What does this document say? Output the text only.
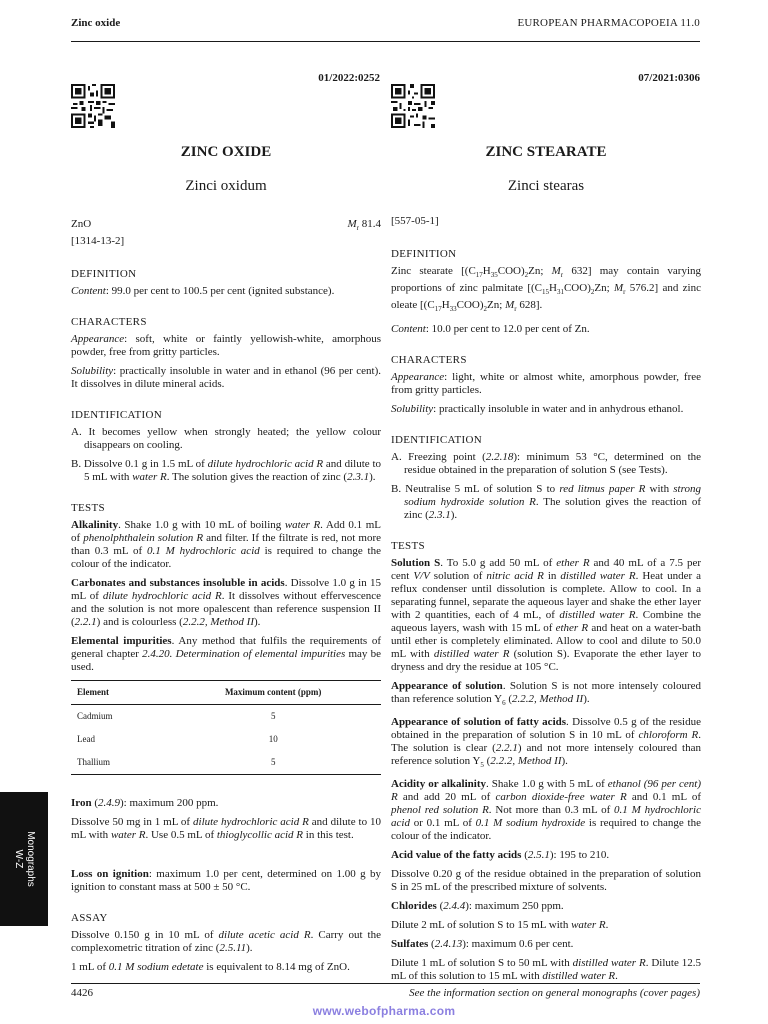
Zinc oxide	EUROPEAN PHARMACOPOEIA 11.0
01/2022:0252
ZINC OXIDE
Zinci oxidum
ZnO	$M_r$ 81.4
[1314-13-2]
DEFINITION

Content: 99.0 per cent to 100.5 per cent (ignited substance).

CHARACTERS

Appearance: soft, white or faintly yellowish-white, amorphous powder, free from gritty particles.

Solubility: practically insoluble in water and in ethanol (96 per cent). It dissolves in dilute mineral acids.

IDENTIFICATION
A. It becomes yellow when strongly heated; the yellow colour disappears on cooling.
B. Dissolve 0.1 g in 1.5 mL of dilute hydrochloric acid R and dilute to 5 mL with water R. The solution gives the reaction of zinc (2.3.1).
TESTS

Alkalinity. Shake 1.0 g with 10 mL of boiling water R. Add 0.1 mL of phenolphthalein solution R and filter. If the filtrate is red, not more than 0.3 mL of 0.1 M hydrochloric acid is required to change the colour of the indicator.

Carbonates and substances insoluble in acids. Dissolve 1.0 g in 15 mL of dilute hydrochloric acid R. It dissolves without effervescence and the solution is not more opalescent than reference suspension II (2.2.1) and is colourless (2.2.2, Method II).

Elemental impurities. Any method that fulfils the requirements of general chapter 2.4.20. Determination of elemental impurities may be used.

Element	Maximum content (ppm)
Cadmium	5
Lead	10
Thallium	5

Iron (2.4.9): maximum 200 ppm.

Dissolve 50 mg in 1 mL of dilute hydrochloric acid R and dilute to 10 mL with water R. Use 0.5 mL of thioglycollic acid R in this test.

Loss on ignition: maximum 1.0 per cent, determined on 1.00 g by ignition to constant mass at 500 ± 50 °C.

ASSAY

Dissolve 0.150 g in 10 mL of dilute acetic acid R. Carry out the complexometric titration of zinc (2.5.11).

1 mL of 0.1 M sodium edetate is equivalent to 8.14 mg of ZnO.

07/2021:0306
ZINC STEARATE
Zinci stearas
[557-05-1]
DEFINITION

Zinc stearate [$(C_{17}H_{35}COO)_2Zn$; $M_r$ 632] may contain varying proportions of zinc palmitate [$(C_{15}H_{31}COO)_2Zn$; $M_r$ 576.2] and zinc oleate [$(C_{17}H_{33}COO)_2Zn$; $M_r$ 628].

Content: 10.0 per cent to 12.0 per cent of Zn.

CHARACTERS

Appearance: light, white or almost white, amorphous powder, free from gritty particles.

Solubility: practically insoluble in water and in anhydrous ethanol.

IDENTIFICATION
A. Freezing point (2.2.18): minimum 53 °C, determined on the residue obtained in the preparation of solution S (see Tests).
B. Neutralise 5 mL of solution S to red litmus paper R with strong sodium hydroxide solution R. The solution gives the reaction of zinc (2.3.1).
TESTS

Solution S. To 5.0 g add 50 mL of ether R and 40 mL of a 7.5 per cent V/V solution of nitric acid R in distilled water R. Heat under a reflux condenser until dissolution is complete. Allow to cool. In a separating funnel, separate the aqueous layer and shake the ether layer with 2 quantities, each of 4 mL, of distilled water R. Combine the aqueous layers, wash with 15 mL of ether R and heat on a water-bath until ether is completely eliminated. Allow to cool and dilute to 50.0 mL with distilled water R (solution S). Evaporate the ether layer to dryness and dry the residue at 105 °C.

Appearance of solution. Solution S is not more intensely coloured than reference solution $Y_6$ (2.2.2, Method II).

Appearance of solution of fatty acids. Dissolve 0.5 g of the residue obtained in the preparation of solution S in 10 mL of chloroform R. The solution is clear (2.2.1) and not more intensely coloured than reference solution $Y_5$ (2.2.2, Method II).

Acidity or alkalinity. Shake 1.0 g with 5 mL of ethanol (96 per cent) R and add 20 mL of carbon dioxide-free water R and 0.1 mL of phenol red solution R. Not more than 0.3 mL of 0.1 M hydrochloric acid or 0.1 mL of 0.1 M sodium hydroxide is required to change the colour of the indicator.

Acid value of the fatty acids (2.5.1): 195 to 210.

Dissolve 0.20 g of the residue obtained in the preparation of solution S in 25 mL of the prescribed mixture of solvents.

Chlorides (2.4.4): maximum 250 ppm.

Dilute 2 mL of solution S to 15 mL with water R.

Sulfates (2.4.13): maximum 0.6 per cent.

Dilute 1 mL of solution S to 50 mL with distilled water R. Dilute 12.5 mL of this solution to 15 mL with distilled water R.

Monographs
W-Z
4426	See the information section on general monographs (cover pages)
www.webofpharma.com
